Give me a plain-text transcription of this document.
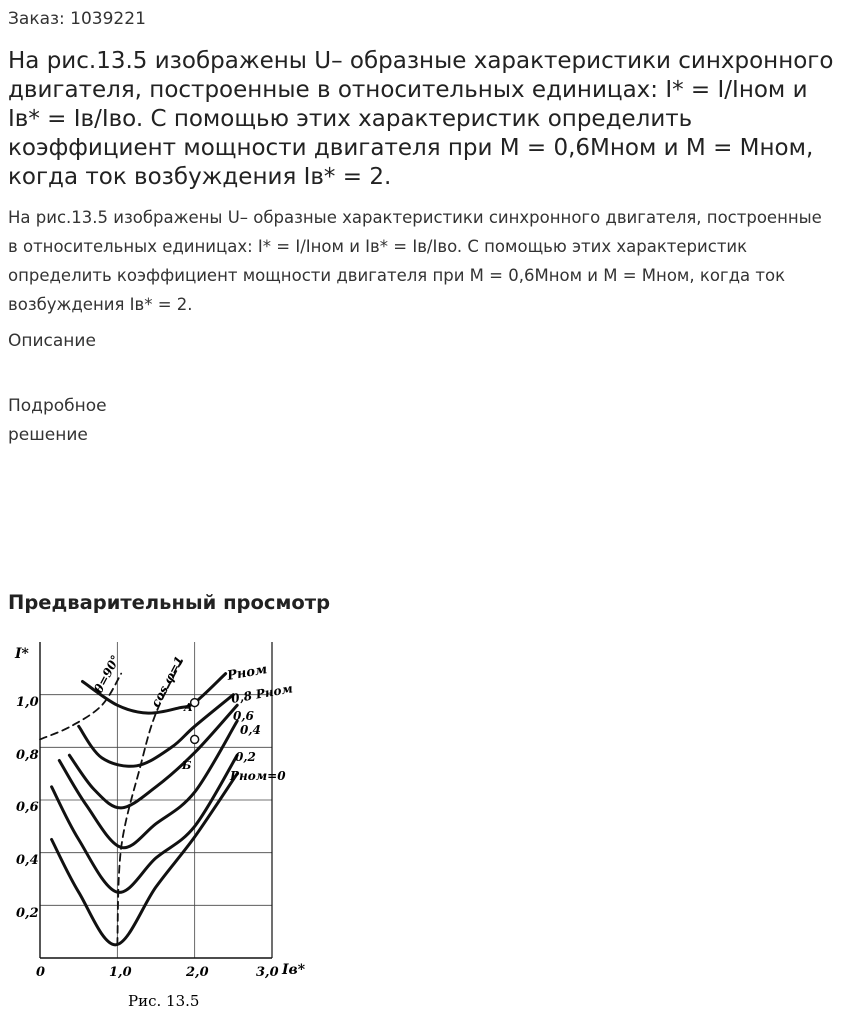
Заказ: 1039221
На рис.13.5 изображены U– образные характеристики синхронного двигателя, построенные в относительных единицах: I* = I/Iном и Iв* = Iв/Iвo. С помощью этих характеристик определить коэффициент мощности двигателя при М = 0,6Мном и М = Мном, когда ток возбуждения Iв* = 2.

На рис.13.5 изображены U– образные характеристики синхронного двигателя, построенные в относительных единицах: I* = I/Iном и Iв* = Iв/Iвo. С помощью этих характеристик определить коэффициент мощности двигателя при М = 0,6Мном и М = Мном, когда ток возбуждения Iв* = 2.

Описание
Подробное решение
Предварительный просмотр
I*
Iв*
1,0
0,8
0,6
0,4
0,2
0	1,0	2,0	3,0
θ=90° cos φ=1	Pном
0,8 Pном
0,6
0,4
0,2
Pном=0
A
Б
Рис. 13.5
